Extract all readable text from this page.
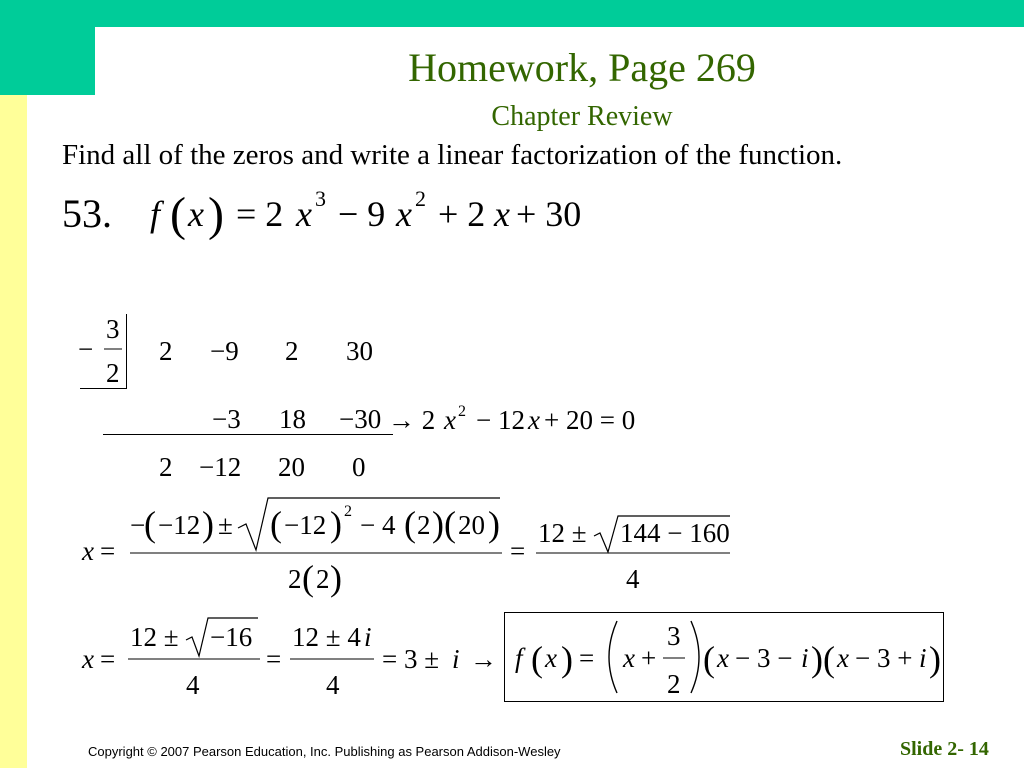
Homework, Page 269
Chapter Review
Find all of the zeros and write a linear factorization of the function.
53. f ( x ) = 2 x 3 − 9 x 2 + 2 x + 30
−
3
2
2 −9 2 30
−3 18 −30 → 2 x 2 − 12 x + 20 = 0
2 −12 20 0
x =
−
( −12 ) ± ( −12 ) 2 − 4 ( 2 )( 20 )
2 ( 2 )
=
12 ± 144 − 160
4
x =
12 ± −16
4
=
12 ± 4 i
4
= 3 ± i → f ( x ) = x +
3
2
( x − 3 − i )( x − 3 + i )
Copyright © 2007 Pearson Education, Inc. Publishing as Pearson Addison-Wesley	Slide 2- 14
